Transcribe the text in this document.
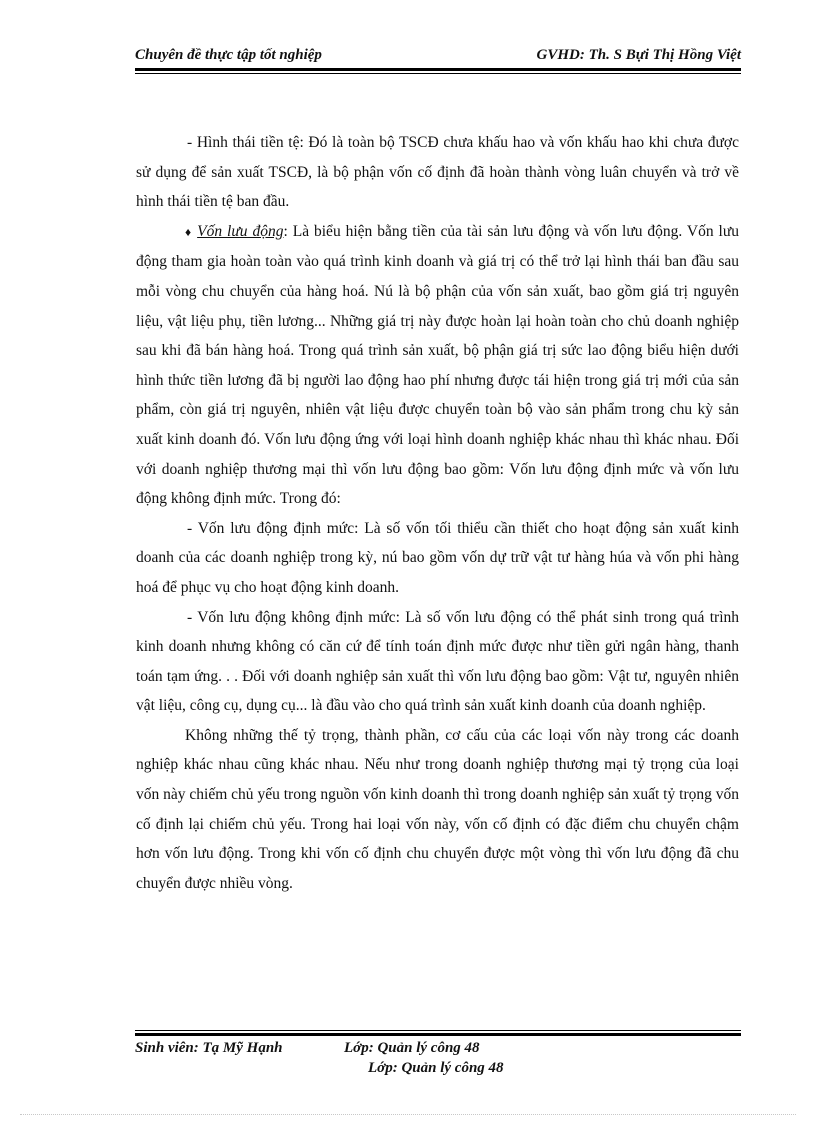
Chuyên đề thực tập tốt nghiệp	GVHD: Th. S Bựi Thị Hồng Việt

- Hình thái tiền tệ: Đó là toàn bộ TSCĐ chưa khấu hao và vốn khấu hao khi chưa được sử dụng để sản xuất TSCĐ, là bộ phận vốn cố định đã hoàn thành vòng luân chuyển và trở về hình thái tiền tệ ban đầu.

♦ Vốn lưu động: Là biểu hiện bằng tiền của tài sản lưu động và vốn lưu động. Vốn lưu động tham gia hoàn toàn vào quá trình kinh doanh và giá trị có thể trở lại hình thái ban đầu sau mỗi vòng chu chuyển của hàng hoá. Nú là bộ phận của vốn sản xuất, bao gồm giá trị nguyên liệu, vật liệu phụ, tiền lương... Những giá trị này được hoàn lại hoàn toàn cho chủ doanh nghiệp sau khi đã bán hàng hoá. Trong quá trình sản xuất, bộ phận giá trị sức lao động biểu hiện dưới hình thức tiền lương đã bị người lao động hao phí nhưng được tái hiện trong giá trị mới của sản phẩm, còn giá trị nguyên, nhiên vật liệu được chuyển toàn bộ vào sản phẩm trong chu kỳ sản xuất kinh doanh đó. Vốn lưu động ứng với loại hình doanh nghiệp khác nhau thì khác nhau. Đối với doanh nghiệp thương mại thì vốn lưu động bao gồm: Vốn lưu động định mức và vốn lưu động không định mức. Trong đó:

- Vốn lưu động định mức: Là số vốn tối thiểu cần thiết cho hoạt động sản xuất kinh doanh của các doanh nghiệp trong kỳ, nú bao gồm vốn dự trữ vật tư hàng húa và vốn phi hàng hoá để phục vụ cho hoạt động kinh doanh.

- Vốn lưu động không định mức: Là số vốn lưu động có thể phát sinh trong quá trình kinh doanh nhưng không có căn cứ để tính toán định mức được như tiền gửi ngân hàng, thanh toán tạm ứng. . . Đối với doanh nghiệp sản xuất thì vốn lưu động bao gồm: Vật tư, nguyên nhiên vật liệu, công cụ, dụng cụ... là đầu vào cho quá trình sản xuất kinh doanh của doanh nghiệp.

Không những thế tỷ trọng, thành phần, cơ cấu của các loại vốn này trong các doanh nghiệp khác nhau cũng khác nhau. Nếu như trong doanh nghiệp thương mại tỷ trọng của loại vốn này chiếm chủ yếu trong nguồn vốn kinh doanh thì trong doanh nghiệp sản xuất tỷ trọng vốn cố định lại chiếm chủ yếu. Trong hai loại vốn này, vốn cố định có đặc điểm chu chuyển chậm hơn vốn lưu động. Trong khi vốn cố định chu chuyển được một vòng thì vốn lưu động đã chu chuyển được nhiều vòng.

Sinh viên: Tạ Mỹ Hạnh	Lớp: Quản lý công 48
Lớp: Quản lý công 48
